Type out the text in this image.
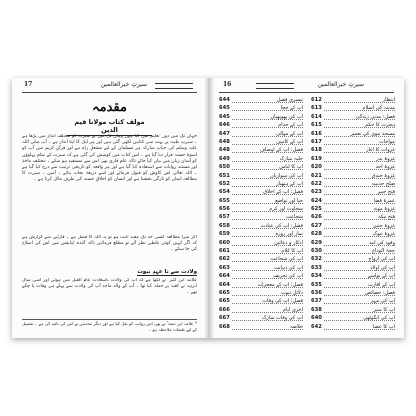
17	سیرتِ خیرالعالمین
مقدمہ
مولف کتاب مولانا قیم الدین
جہاں تک میں دور ِ تعلیم میں گیا ہوں وہاں تک میں نے سیرت کو مختلف انداز میں پڑھا ہے ۔ سیرتِ طیبہ پر بہت سی کتابیں لکھی گئی ہیں اور ہر ایک کا اپنا انداز ہے ۔ آپ صلی اللہ علیہ وسلم کی حیاتِ مبارکہ ہر مسلمان کے لیے مشعلِ راہ ہے اور قرآنِ کریم میں آپ کو اسوۂ حسنہ قرار دیا گیا ہے ۔ اس کتاب میں کوشش کی گئی ہے کہ سیرت کے تمام پہلوؤں کو آسان زبان میں بیان کیا جائے تاکہ عام قاری بھی اس سے مستفید ہو سکے ۔ مختلف ماخذ اور مستند روایات سے استفادہ کیا گیا ہے اور ہر واقعہ کو تاریخی ترتیب سے درج کیا گیا ہے ۔ اللہ تعالیٰ اس کاوش کو قبول فرمائے اور اسے ذریعۂ نجات بنائے ۔ آمین ۔ سیرت کا مطالعہ ایمان کو تازگی بخشتا ہے اور انسان کو اخلاقِ حسنہ کی طرف مائل کرتا ہے ۔
اگر میرا مطالعہ کسی حد تک مفید ثابت ہو تو یہ اللہ کا فضل ہے ۔ قارئین سے گزارش ہے کہ اگر کہیں کوئی غلطی نظر آئے تو مطلع فرمائیں تاکہ آئندہ ایڈیشن میں اس کی اصلاح کی جا سکے ۔
ولادت سے تا عہدِ نبوت
علامہ ابن کثیر ؒ نے لکھا ہے کہ آپ کی ولادت باسعادت عام الفیل میں ہوئی اور اسی سال ابرہہ نے کعبہ پر حملہ کیا تھا ۔ آپ کے والد ماجد آپ کی ولادت سے پہلے ہی وفات پا چکے تھے ۔
* علامہ ابن سعد ؒ نے بھی اس روایت کو نقل کیا ہے اور دیگر محدثین نے اس کی تائید کی ہے ۔ تفصیل کے لیے طبقات ملاحظہ ہو ۔
16	سیرتِ خیرالعالمین
644	تیسری فصل
645	آپ کے چچا
645	آپ کی پھوپھیاں
646	آپ کے خدام
647	آپ کے موالی
648	آپ کے کاتبین
648	فصل: آپ کے اوصاف
649	حلیہ مبارک
650	آپ کا لباس
651	آپ کی سواریاں
652	آپ کے ہتھیار
654	فصل: آپ کے اخلاق
655	حیا اور تواضع
656	سخاوت اور کرم
657	شجاعت
658	فصل: آپ کی عبادت
659	نماز اور روزہ
660	اذکار و دعائیں
661	آپ کا کلام
662	آپ کی شجاعت
663	آپ کی ذہانت
664	آپ کی تحریف
664	فصل: آپ کے معجزات
665	دلائلِ نبوت
665	فصل: آپ کی وفات
666	آخری ایام
667	آپ کی وفات مبارک
668	خلاصہ
612	انتظار
613	مدینہ کی اسلام
614	فصل: مدنی زندگی
615	ہجرت کا حکم
616	مسجد نبوی کی تعمیر
617	مواخات
618	غزوات کا آغاز
619	غزوۂ بدر
620	غزوۂ احد
621	غزوۂ خندق
622	صلح حدیبیہ
623	فتح خیبر
624	عمرۂ قضا
625	غزوۂ موتہ
626	فتح مکہ
627	غزوۂ حنین
628	غزوۂ تبوک
629	وفود کی آمد
630	حجۃ الوداع
632	آپ کی ازواج
633	آپ کی اولاد
634	آپ کے نواسے
635	آپ کے اقارب
636	فصل: خصائص
637	آپ کی مہر
638	آپ کا منبر
640	آپ کی انگوٹھی
642	آپ کا عصا
